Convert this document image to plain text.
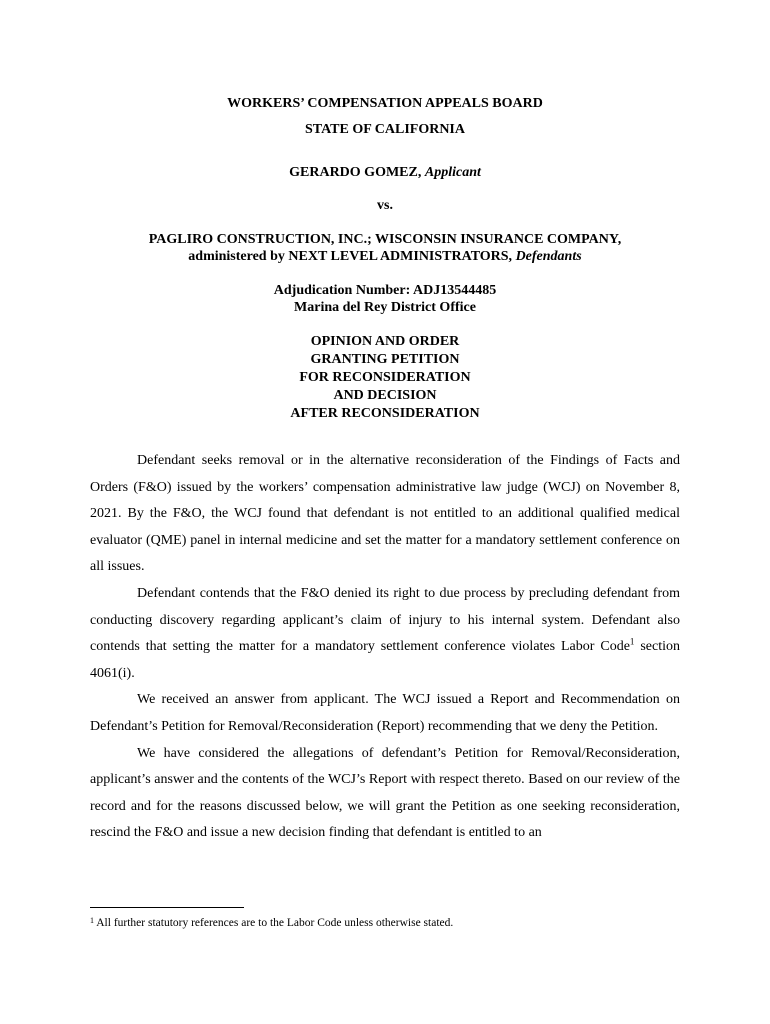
WORKERS’ COMPENSATION APPEALS BOARD
STATE OF CALIFORNIA
GERARDO GOMEZ, Applicant
vs.
PAGLIRO CONSTRUCTION, INC.; WISCONSIN INSURANCE COMPANY,
administered by NEXT LEVEL ADMINISTRATORS, Defendants
Adjudication Number: ADJ13544485
Marina del Rey District Office
OPINION AND ORDER
GRANTING PETITION
FOR RECONSIDERATION
AND DECISION
AFTER RECONSIDERATION

Defendant seeks removal or in the alternative reconsideration of the Findings of Facts and Orders (F&O) issued by the workers’ compensation administrative law judge (WCJ) on November 8, 2021. By the F&O, the WCJ found that defendant is not entitled to an additional qualified medical evaluator (QME) panel in internal medicine and set the matter for a mandatory settlement conference on all issues.

Defendant contends that the F&O denied its right to due process by precluding defendant from conducting discovery regarding applicant’s claim of injury to his internal system. Defendant also contends that setting the matter for a mandatory settlement conference violates Labor Code$^1$ section 4061(i).

We received an answer from applicant. The WCJ issued a Report and Recommendation on Defendant’s Petition for Removal/Reconsideration (Report) recommending that we deny the Petition.

We have considered the allegations of defendant’s Petition for Removal/Reconsideration, applicant’s answer and the contents of the WCJ’s Report with respect thereto. Based on our review of the record and for the reasons discussed below, we will grant the Petition as one seeking reconsideration, rescind the F&O and issue a new decision finding that defendant is entitled to an

$^1$ All further statutory references are to the Labor Code unless otherwise stated.
